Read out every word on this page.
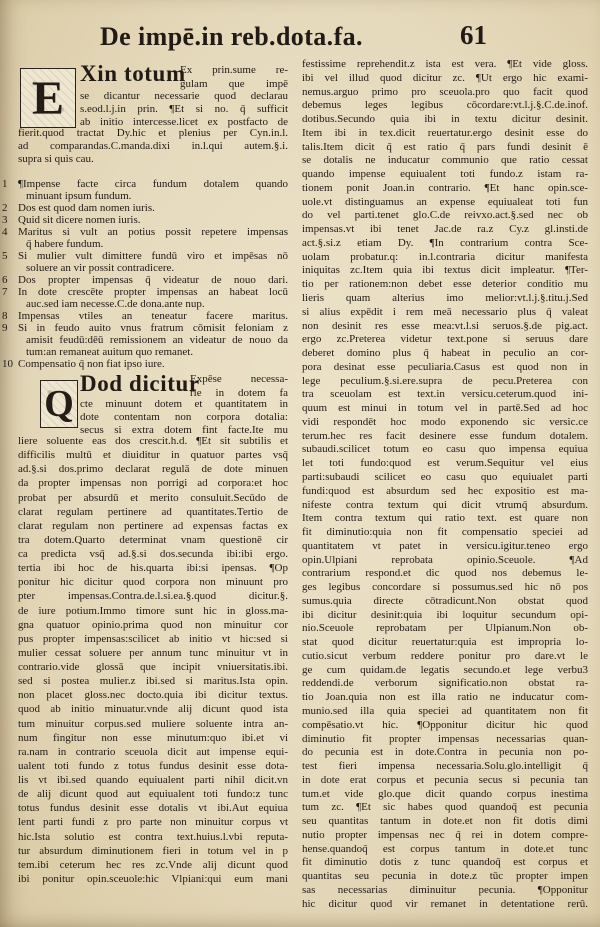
De impē.in reb.dota.fa.	61
E Xin totum
Ex prin.sume re-
gulam que impē
se dicantur necessarie quod declarau
s.eod.l.j.in prin. ¶Et si no. q̄ sufficit
ab initio intercesse.licet ex postfacto de
fierit.quod tractat Dy.hic et plenius per Cyn.in.l.
ad comparandas.C.manda.dixi in.l.qui autem.§.i.
supra si quis cau.
1 ¶Impense facte circa fundum dotalem quando
minuant ipsum fundum.
2 Dos est quod dam nomen iuris.
3 Quid sit dicere nomen iuris.
4 Maritus si vult an potius possit repetere impensas
q̄ habere fundum.
5 Si mulier vult dimittere fundū viro et impēsas nō
soluere an vir possit contradicere.
6 Dos propter impensas q̄ videatur de nouo dari.
7 In dote crescēte propter impensas an habeat locū
auc.sed iam necesse.C.de dona.ante nup.
8 Impensas vtiles an teneatur facere maritus.
9 Si in feudo auito vnus fratrum cōmisit feloniam z
amisit feudū:dēū remissionem an videatur de nouo da
tum:an remaneat auitum quo remanet.
10 Compensatio q̄ non fiat ipso iure.
Q Dod dicitur
Expēse necessa-
rie in dotem fa
cte minuunt dotem et quantitatem in
dote contentam non corpora dotalia:
secus si extra dotem fint facte.Ite mu
liere soluente eas dos crescit.h.d. ¶Et sit subtilis et
difficilis multū et diuiditur in quatuor partes vsq̄
ad.§.si dos.primo declarat regulā de dote minuen
da propter impensas non porrigi ad corpora:et hoc
probat per absurdū et merito consuluit.Secūdo de
clarat regulam pertinere ad quantitates.Tertio de
clarat regulam non pertinere ad expensas factas ex
tra dotem.Quarto determinat vnam questionē cir
ca predicta vsq̄ ad.§.si dos.secunda ibi:ibi ergo.
tertia ibi hoc de his.quarta ibi:si ipensas. ¶Op
ponitur hic dicitur quod corpora non minuunt pro
pter impensas.Contra.de.l.si.ea.§.quod dicitur.§.
de iure potium.Immo timore sunt hic in gloss.ma-
gna quatuor opinio.prima quod non minuitur cor
pus propter impensas:scilicet ab initio vt hic:sed si
mulier cessat soluere per annum tunc minuitur vt in
contrario.vide glossā que incipit vniuersitatis.ibi.
sed si postea mulier.z ibi.sed si maritus.Ista opin.
non placet gloss.nec docto.quia ibi dicitur textus.
quod ab initio minuatur.vnde alij dicunt quod ista
tum minuitur corpus.sed muliere soluente intra an-
num fingitur non esse minutum:quo ibi.et vi
ra.nam in contrario sceuola dicit aut impense equi-
ualent toti fundo z totus fundus desinit esse dota-
lis vt ibi.sed quando equiualent parti nihil dicit.vn
de alij dicunt quod aut equiualent toti fundo:z tunc
totus fundus desinit esse dotalis vt ibi.Aut equiua
lent parti fundi z pro parte non minuitur corpus vt
hic.Ista solutio est contra text.huius.l.vbi reputa-
tur absurdum diminutionem fieri in totum vel in p
tem.ibi ceterum hec res zc.Vnde alij dicunt quod
ibi ponitur opin.sceuole:hic Vlpiani:qui eum mani
festissime reprehendit.z ista est vera. ¶Et vide gloss.
ibi vel illud quod dicitur zc. ¶Ut ergo hic exami-
nemus.arguo primo pro sceuola.pro quo facit quod
debemus leges legibus cōcordare:vt.l.j.§.C.de.inof.
dotibus.Secundo quia ibi in textu dicitur desinit.
Item ibi in tex.dicit reuertatur.ergo desinit esse do
talis.Item dicit q̄ est ratio q̄ pars fundi desinit ē
se dotalis ne inducatur communio que ratio cessat
quando impense equiualent toti fundo.z istam ra-
tionem ponit Joan.in contrario. ¶Et hanc opin.sce-
uole.vt distinguamus an expense equiualeat toti fun
do vel parti.tenet glo.C.de reivxo.act.§.sed nec ob
impensas.vt ibi tenet Jac.de ra.z Cy.z gl.insti.de
act.§.si.z etiam Dy. ¶In contrarium contra Sce-
uolam probatur.q: in.l.contraria dicitur manifesta
iniquitas zc.Item quia ibi textus dicit impleatur. ¶Ter-
tio per rationem:non debet esse deterior conditio mu
lieris quam alterius imo melior:vt.l.j.§.titu.j.Sed
si alius expēdit i rem meā necessario plus q̄ valeat
non desinit res esse mea:vt.l.si seruos.§.de pig.act.
ergo zc.Preterea videtur text.pone si seruus dare
deberet domino plus q̄ habeat in peculio an cor-
pora desinat esse peculiaria.Casus est quod non in
lege peculium.§.si.ere.supra de pecu.Preterea con
tra sceuolam est text.in versicu.ceterum.quod ini-
quum est minui in totum vel in partē.Sed ad hoc
vidi respondēt hoc modo exponendo sic versic.ce
terum.hec res facit desinere esse fundum dotalem.
subaudi.scilicet totum eo casu quo impensa equiua
let toti fundo:quod est verum.Sequitur vel eius
parti:subaudi scilicet eo casu quo equiualet parti
fundi:quod est absurdum sed hec expositio est ma-
nifeste contra textum qui dicit vtrumq̄ absurdum.
Item contra textum qui ratio text. est quare non
fit diminutio:quia non fit compensatio speciei ad
quantitatem vt patet in versicu.igitur.teneo ergo
opin.Ulpiani reprobata opinio.Sceuole. ¶Ad
contrarium respond.et dic quod nos debemus le-
ges legibus concordare si possumus.sed hic nō pos
sumus.quia directe cōtradicunt.Non obstat quod
ibi dicitur desinit:quia ibi loquitur secundum opi-
nio.Sceuole reprobatam per Ulpianum.Non ob-
stat quod dicitur reuertatur:quia est impropria lo-
cutio.sicut verbum reddere ponitur pro dare.vt le
ge cum quidam.de legatis secundo.et lege verbu3
reddendi.de verborum significatio.non obstat ra-
tio Joan.quia non est illa ratio ne inducatur com-
munio.sed illa quia speciei ad quantitatem non fit
compēsatio.vt hic. ¶Opponitur dicitur hic quod
diminutio fit propter impensas necessarias quan-
do pecunia est in dote.Contra in pecunia non po-
test fieri impensa necessaria.Solu.glo.intelligit q̄
in dote erat corpus et pecunia secus si pecunia tan
tum.et vide glo.que dicit quando corpus inestima
tum zc. ¶Et sic habes quod quandoq̄ est pecunia
seu quantitas tantum in dote.et non fit dotis dimi
nutio propter impensas nec q̄ rei in dotem compre-
hense.quandoq̄ est corpus tantum in dote.et tunc
fit diminutio dotis z tunc quandoq̄ est corpus et
quantitas seu pecunia in dote.z tūc propter impen
sas necessarias diminuitur pecunia. ¶Opponitur
hic dicitur quod vir remanet in detentatione rerū.
